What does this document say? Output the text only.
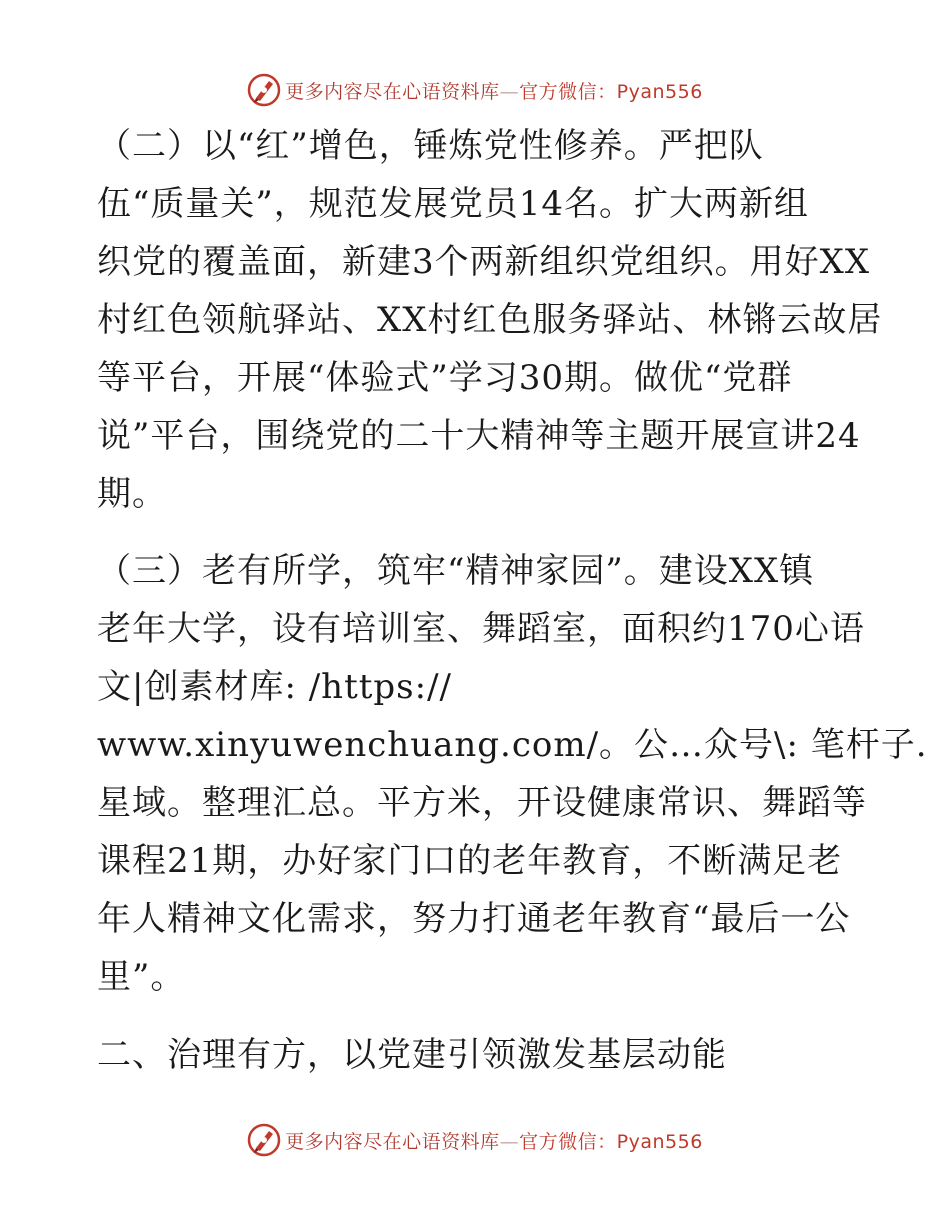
更多内容尽在心语资料库—官方微信：Pyan556
（二）以“红”增色，锤炼党性修养。严把队
伍“质量关”，规范发展党员14名。扩大两新组
织党的覆盖面，新建3个两新组织党组织。用好XX
村红色领航驿站、XX村红色服务驿站、林锵云故居
等平台，开展“体验式”学习30期。做优“党群
说”平台，围绕党的二十大精神等主题开展宣讲24
期。
（三）老有所学，筑牢“精神家园”。建设XX镇
老年大学，设有培训室、舞蹈室，面积约170心语
文|创素材库: /https://
www.xinyuwenchuang.com/。公…众号\: 笔杆子.
星域。整理汇总。平方米，开设健康常识、舞蹈等
课程21期，办好家门口的老年教育，不断满足老
年人精神文化需求，努力打通老年教育“最后一公
里”。
二、治理有方，以党建引领激发基层动能
更多内容尽在心语资料库—官方微信：Pyan556
